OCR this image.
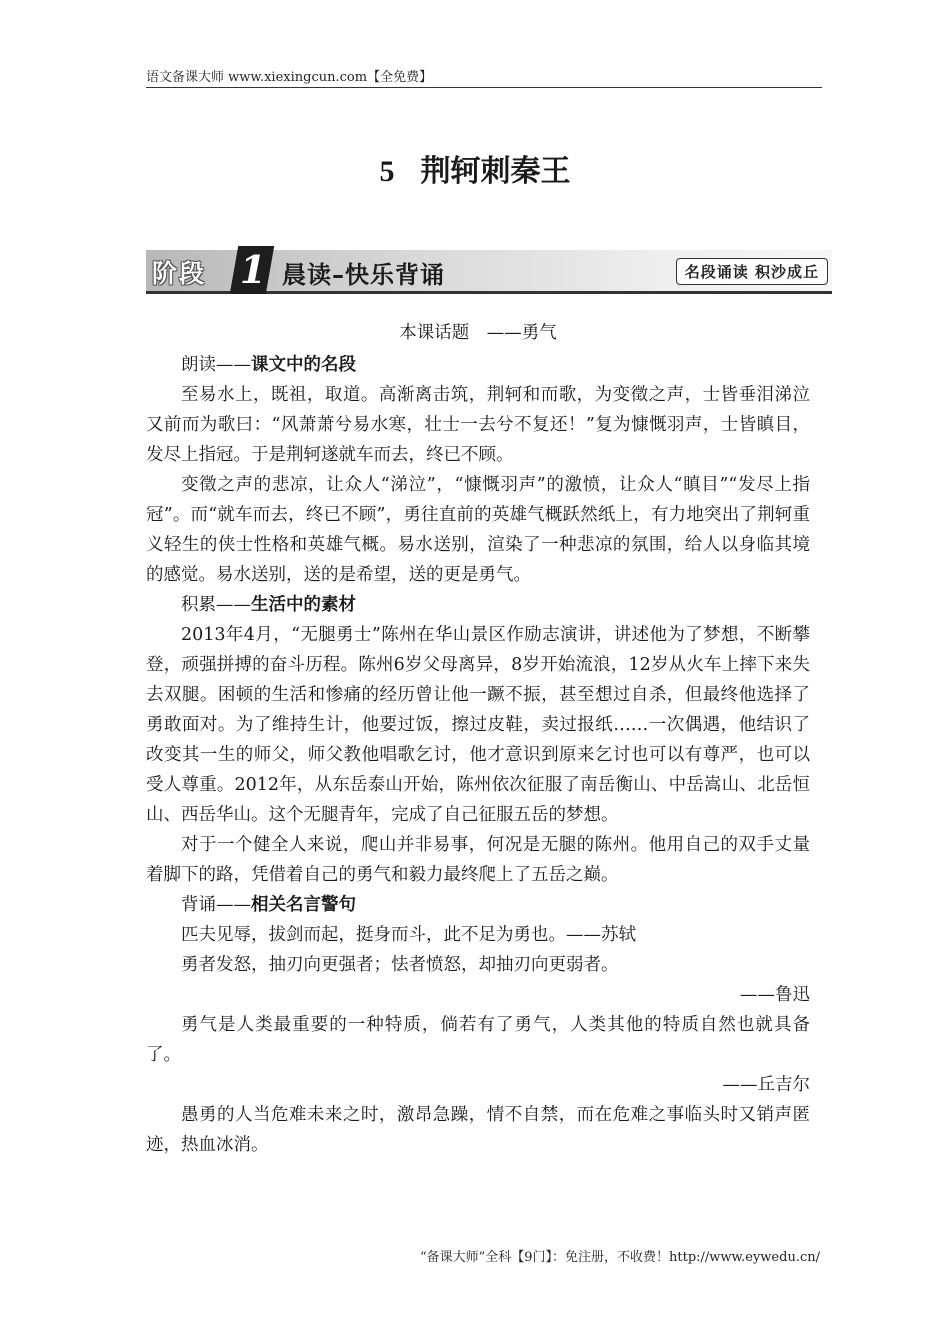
语文备课大师 www.xiexingcun.com【全免费】
5 荆轲刺秦王
阶段 1 晨读–快乐背诵	名段诵读 积沙成丘

本课话题　——勇气

朗读——课文中的名段

至易水上，既祖，取道。高渐离击筑，荆轲和而歌，为变徵之声，士皆垂泪涕泣又前而为歌曰：“风萧萧兮易水寒，壮士一去兮不复还！”复为慷慨羽声，士皆瞋目，发尽上指冠。于是荆轲遂就车而去，终已不顾。

变徵之声的悲凉，让众人“涕泣”，“慷慨羽声”的激愤，让众人“瞋目”“发尽上指冠”。而“就车而去，终已不顾”，勇往直前的英雄气概跃然纸上，有力地突出了荆轲重义轻生的侠士性格和英雄气概。易水送别，渲染了一种悲凉的氛围，给人以身临其境的感觉。易水送别，送的是希望，送的更是勇气。

积累——生活中的素材

2013年4月，“无腿勇士”陈州在华山景区作励志演讲，讲述他为了梦想，不断攀登，顽强拼搏的奋斗历程。陈州6岁父母离异，8岁开始流浪，12岁从火车上摔下来失去双腿。困顿的生活和惨痛的经历曾让他一蹶不振，甚至想过自杀，但最终他选择了勇敢面对。为了维持生计，他要过饭，擦过皮鞋，卖过报纸……一次偶遇，他结识了改变其一生的师父，师父教他唱歌乞讨，他才意识到原来乞讨也可以有尊严，也可以受人尊重。2012年，从东岳泰山开始，陈州依次征服了南岳衡山、中岳嵩山、北岳恒山、西岳华山。这个无腿青年，完成了自己征服五岳的梦想。

对于一个健全人来说，爬山并非易事，何况是无腿的陈州。他用自己的双手丈量着脚下的路，凭借着自己的勇气和毅力最终爬上了五岳之巅。

背诵——相关名言警句

匹夫见辱，拔剑而起，挺身而斗，此不足为勇也。——苏轼

勇者发怒，抽刃向更强者；怯者愤怒，却抽刃向更弱者。

——鲁迅

勇气是人类最重要的一种特质，倘若有了勇气，人类其他的特质自然也就具备了。

——丘吉尔

愚勇的人当危难未来之时，激昂急躁，情不自禁，而在危难之事临头时又销声匿迹，热血冰消。

“备课大师”全科【9门】：免注册，不收费！http://www.eywedu.cn/
